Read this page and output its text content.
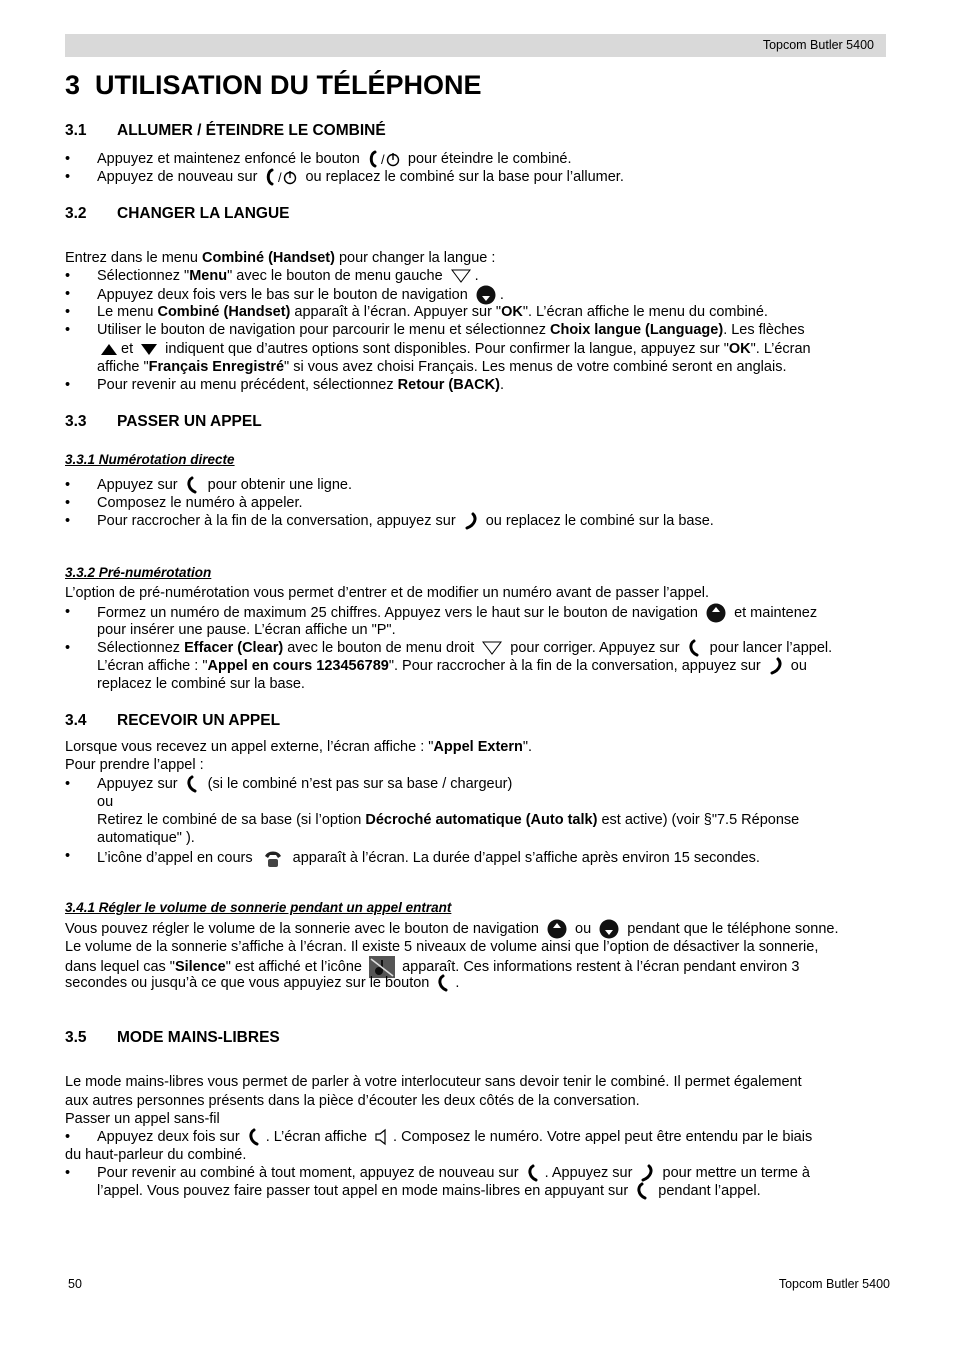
Topcom Butler 5400
3 UTILISATION DU TÉLÉPHONE
3.1 ALLUMER / ÉTEINDRE LE COMBINÉ
• Appuyez et maintenez enfoncé le bouton / pour éteindre le combiné.
• Appuyez de nouveau sur / ou replacez le combiné sur la base pour l’allumer.
3.2 CHANGER LA LANGUE
Entrez dans le menu Combiné (Handset) pour changer la langue :
• Sélectionnez "Menu" avec le bouton de menu gauche .
• Appuyez deux fois vers le bas sur le bouton de navigation .
• Le menu Combiné (Handset) apparaît à l’écran. Appuyer sur "OK". L’écran affiche le menu du combiné.
• Utiliser le bouton de navigation pour parcourir le menu et sélectionnez Choix langue (Language). Les flèches
et indiquent que d’autres options sont disponibles. Pour confirmer la langue, appuyez sur "OK". L’écran
affiche "Français Enregistré" si vous avez choisi Français. Les menus de votre combiné seront en anglais.
• Pour revenir au menu précédent, sélectionnez Retour (BACK).
3.3 PASSER UN APPEL
3.3.1 Numérotation directe
• Appuyez sur pour obtenir une ligne.
• Composez le numéro à appeler.
• Pour raccrocher à la fin de la conversation, appuyez sur ou replacez le combiné sur la base.
3.3.2 Pré-numérotation
L’option de pré-numérotation vous permet d’entrer et de modifier un numéro avant de passer l’appel.
• Formez un numéro de maximum 25 chiffres. Appuyez vers le haut sur le bouton de navigation et maintenez
pour insérer une pause. L’écran affiche un "P".
• Sélectionnez Effacer (Clear) avec le bouton de menu droit pour corriger. Appuyez sur pour lancer l’appel.
L’écran affiche : "Appel en cours 123456789". Pour raccrocher à la fin de la conversation, appuyez sur ou
replacez le combiné sur la base.
3.4 RECEVOIR UN APPEL
Lorsque vous recevez un appel externe, l’écran affiche : "Appel Extern".
Pour prendre l’appel :
• Appuyez sur (si le combiné n’est pas sur sa base / chargeur)
ou
Retirez le combiné de sa base (si l’option Décroché automatique (Auto talk) est active) (voir §"7.5 Réponse
automatique" ).
• L’icône d’appel en cours	apparaît à l’écran. La durée d’appel s’affiche après environ 15 secondes.
3.4.1 Régler le volume de sonnerie pendant un appel entrant
Vous pouvez régler le volume de la sonnerie avec le bouton de navigation ou pendant que le téléphone sonne.
Le volume de la sonnerie s’affiche à l’écran. Il existe 5 niveaux de volume ainsi que l’option de désactiver la sonnerie,
dans lequel cas "Silence" est affiché et l’icône	apparaît. Ces informations restent à l’écran pendant environ 3
secondes ou jusqu’à ce que vous appuyiez sur le bouton .
3.5 MODE MAINS-LIBRES
Le mode mains-libres vous permet de parler à votre interlocuteur sans devoir tenir le combiné. Il permet également
aux autres personnes présents dans la pièce d’écouter les deux côtés de la conversation.
Passer un appel sans-fil
• Appuyez deux fois sur . L’écran affiche . Composez le numéro. Votre appel peut être entendu par le biais
du haut-parleur du combiné.
• Pour revenir au combiné à tout moment, appuyez de nouveau sur . Appuyez sur pour mettre un terme à
l’appel. Vous pouvez faire passer tout appel en mode mains-libres en appuyant sur pendant l’appel.
50	Topcom Butler 5400
